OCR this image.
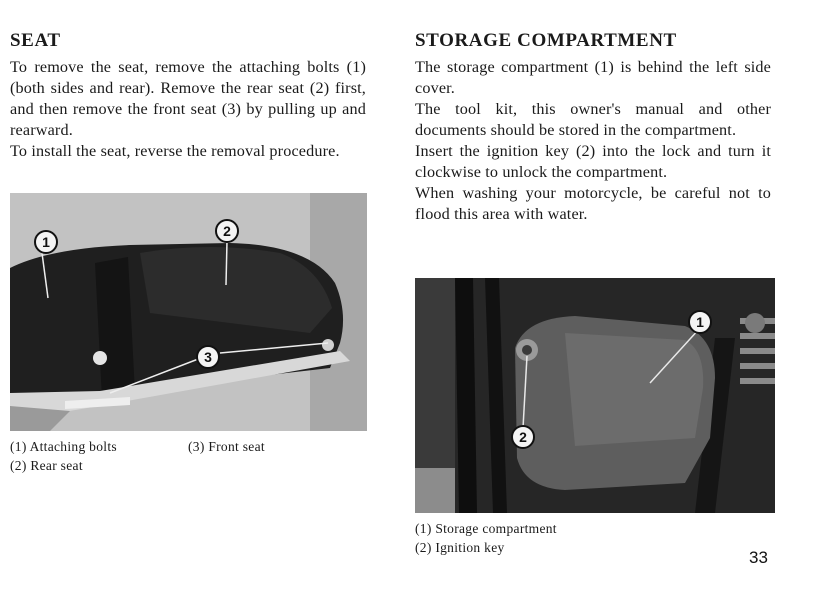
SEAT

To remove the seat, remove the attaching bolts (1) (both sides and rear). Remove the rear seat (2) first, and then remove the front seat (3) by pulling up and rearward.

To install the seat, reverse the removal procedure.

1
2
3

(1) Attaching bolts	(3) Front seat

(2) Rear seat

STORAGE COMPARTMENT

The storage compartment (1) is behind the left side cover.

The tool kit, this owner's manual and other documents should be stored in the compartment.

Insert the ignition key (2) into the lock and turn it clockwise to unlock the compartment.

When washing your motorcycle, be careful not to flood this area with water.

1
2

(1) Storage compartment

(2) Ignition key

33
